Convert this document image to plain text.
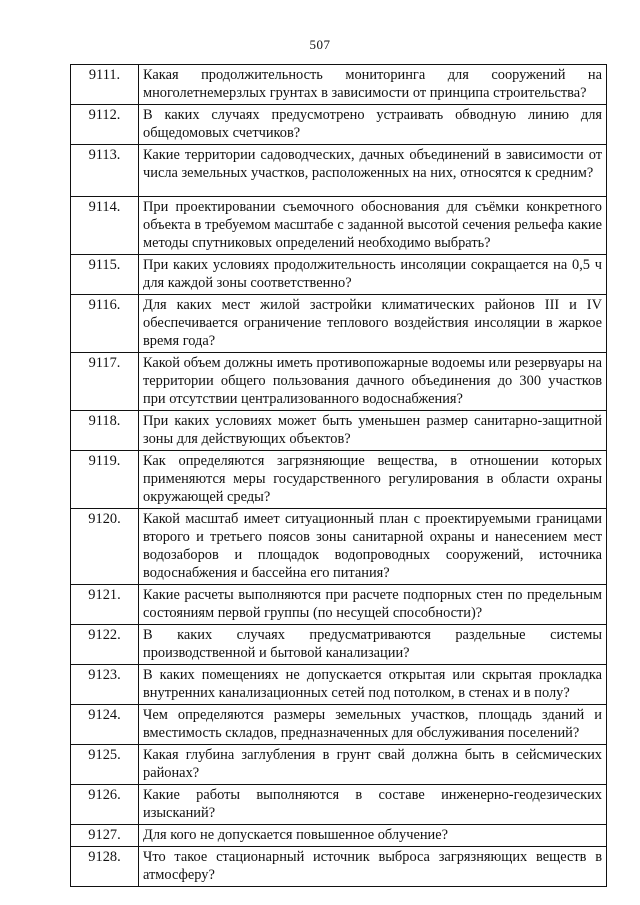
507
9111.	Какая продолжительность мониторинга для сооружений на многолетнемерзлых грунтах в зависимости от принципа строительства?
9112.	В каких случаях предусмотрено устраивать обводную линию для общедомовых счетчиков?
9113.	Какие территории садоводческих, дачных объединений в зависимости от числа земельных участков, расположенных на них, относятся к средним?
9114.	При проектировании съемочного обоснования для съёмки конкретного объекта в требуемом масштабе с заданной высотой сечения рельефа какие методы спутниковых определений необходимо выбрать?
9115.	При каких условиях продолжительность инсоляции сокращается на 0,5 ч для каждой зоны соответственно?
9116.	Для каких мест жилой застройки климатических районов III и IV обеспечивается ограничение теплового воздействия инсоляции в жаркое время года?
9117.	Какой объем должны иметь противопожарные водоемы или резервуары на территории общего пользования дачного объединения до 300 участков при отсутствии централизованного водоснабжения?
9118.	При каких условиях может быть уменьшен размер санитарно-защитной зоны для действующих объектов?
9119.	Как определяются загрязняющие вещества, в отношении которых применяются меры государственного регулирования в области охраны окружающей среды?
9120.	Какой масштаб имеет ситуационный план с проектируемыми границами второго и третьего поясов зоны санитарной охраны и нанесением мест водозаборов и площадок водопроводных сооружений, источника водоснабжения и бассейна его питания?
9121.	Какие расчеты выполняются при расчете подпорных стен по предельным состояниям первой группы (по несущей способности)?
9122.	В каких случаях предусматриваются раздельные системы производственной и бытовой канализации?
9123.	В каких помещениях не допускается открытая или скрытая прокладка внутренних канализационных сетей под потолком, в стенах и в полу?
9124.	Чем определяются размеры земельных участков, площадь зданий и вместимость складов, предназначенных для обслуживания поселений?
9125.	Какая глубина заглубления в грунт свай должна быть в сейсмических районах?
9126.	Какие работы выполняются в составе инженерно-геодезических изысканий?
9127.	Для кого не допускается повышенное облучение?
9128.	Что такое стационарный источник выброса загрязняющих веществ в атмосферу?
